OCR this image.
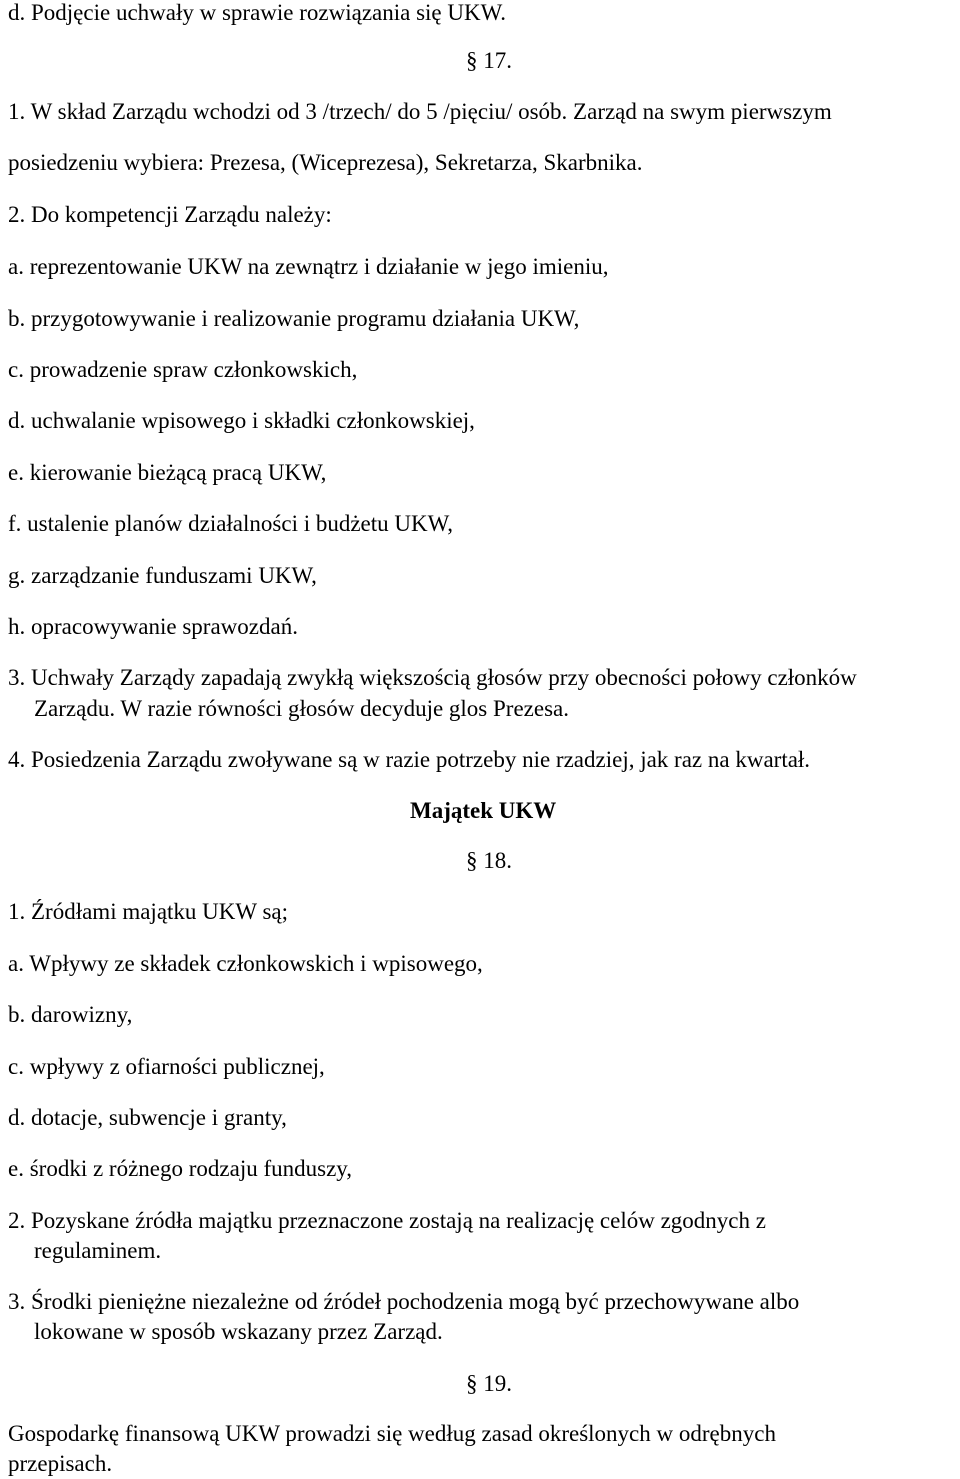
d. Podjęcie uchwały w sprawie rozwiązania się UKW.
§ 17.
1. W skład Zarządu wchodzi od 3 /trzech/ do 5 /pięciu/ osób. Zarząd na swym pierwszym
posiedzeniu wybiera: Prezesa, (Wiceprezesa), Sekretarza, Skarbnika.
2. Do kompetencji Zarządu należy:
a. reprezentowanie UKW na zewnątrz i działanie w jego imieniu,
b. przygotowywanie i realizowanie programu działania UKW,
c. prowadzenie spraw członkowskich,
d. uchwalanie wpisowego i składki członkowskiej,
e. kierowanie bieżącą pracą UKW,
f. ustalenie planów działalności i budżetu UKW,
g. zarządzanie funduszami UKW,
h. opracowywanie sprawozdań.
3. Uchwały Zarządy zapadają zwykłą większością głosów przy obecności połowy członków
Zarządu. W razie równości głosów decyduje glos Prezesa.
4. Posiedzenia Zarządu zwoływane są w razie potrzeby nie rzadziej, jak raz na kwartał.
Majątek UKW
§ 18.
1. Źródłami majątku UKW są;
a. Wpływy ze składek członkowskich i wpisowego,
b. darowizny,
c. wpływy z ofiarności publicznej,
d. dotacje, subwencje i granty,
e. środki z różnego rodzaju funduszy,
2. Pozyskane źródła majątku przeznaczone zostają na realizację celów zgodnych z
regulaminem.
3. Środki pieniężne niezależne od źródeł pochodzenia mogą być przechowywane albo
lokowane w sposób wskazany przez Zarząd.
§ 19.
Gospodarkę finansową UKW prowadzi się według zasad określonych w odrębnych
przepisach.
